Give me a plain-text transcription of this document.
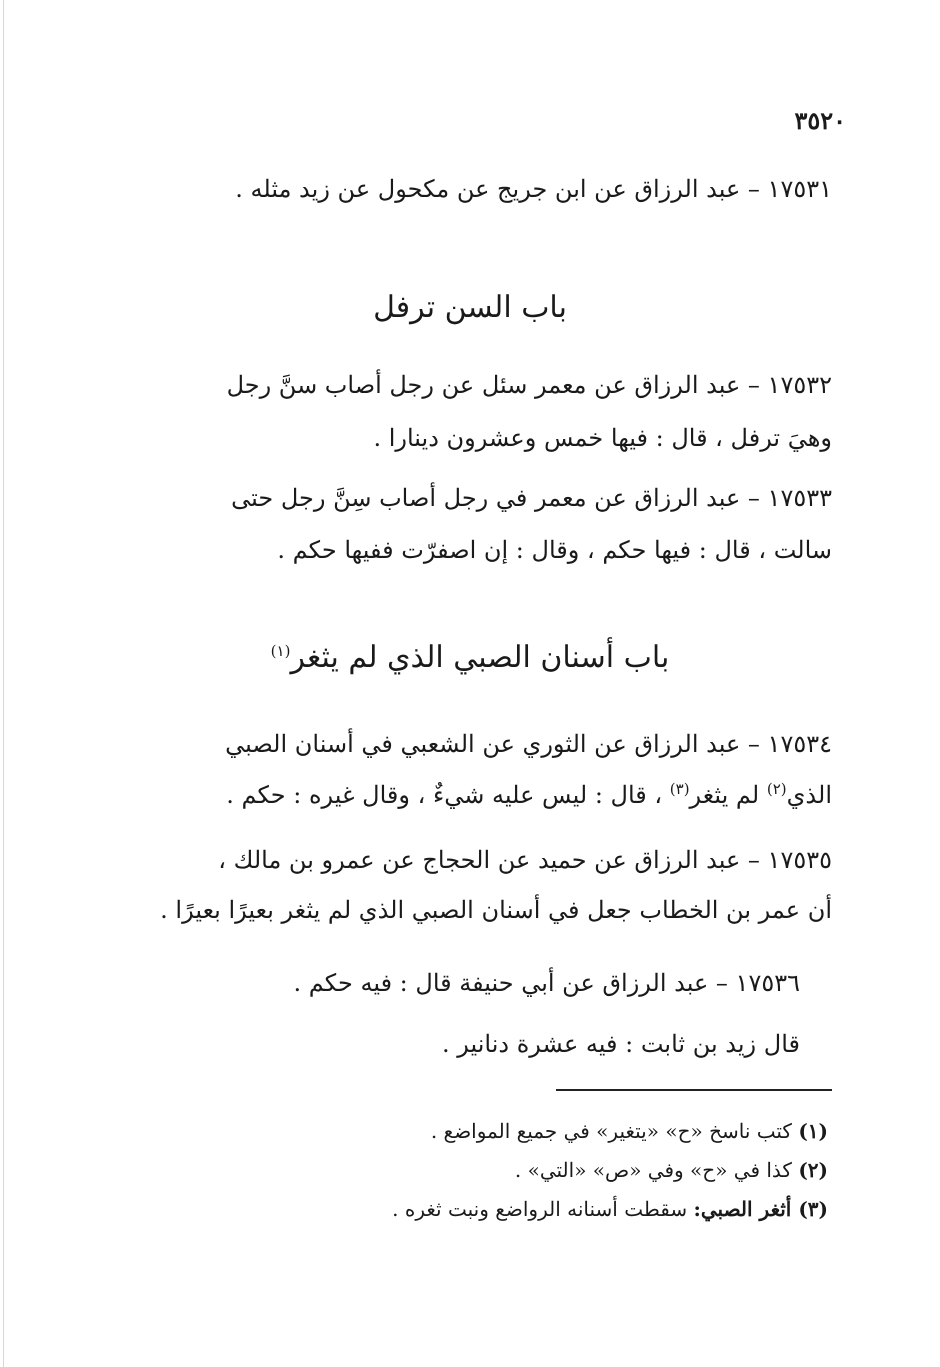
٣٥٢٠
١٧٥٣١ – عبد الرزاق عن ابن جريج عن مكحول عن زيد مثله .
باب السن ترفل
١٧٥٣٢ – عبد الرزاق عن معمر سئل عن رجل أصاب سنَّ رجل
وهيَ ترفل ، قال : فيها خمس وعشرون دينارا .
١٧٥٣٣ – عبد الرزاق عن معمر في رجل أصاب سِنَّ رجل حتى
سالت ، قال : فيها حكم ، وقال : إن اصفرّت ففيها حكم .
باب أسنان الصبي الذي لم يثغر$^{(١)}$
١٧٥٣٤ – عبد الرزاق عن الثوري عن الشعبي في أسنان الصبي
الذي$^{(٢)}$ لم يثغر$^{(٣)}$ ، قال : ليس عليه شيءٌ ، وقال غيره : حكم .
١٧٥٣٥ – عبد الرزاق عن حميد عن الحجاج عن عمرو بن مالك ،
أن عمر بن الخطاب جعل في أسنان الصبي الذي لم يثغر بعيرًا بعيرًا .
١٧٥٣٦ – عبد الرزاق عن أبي حنيفة قال : فيه حكم .
قال زيد بن ثابت : فيه عشرة دنانير .
(١) كتب ناسخ «ح» «يتغير» في جميع المواضع .
(٢) كذا في «ح» وفي «ص» «التي» .
(٣) أثغر الصبي: سقطت أسنانه الرواضع ونبت ثغره .
